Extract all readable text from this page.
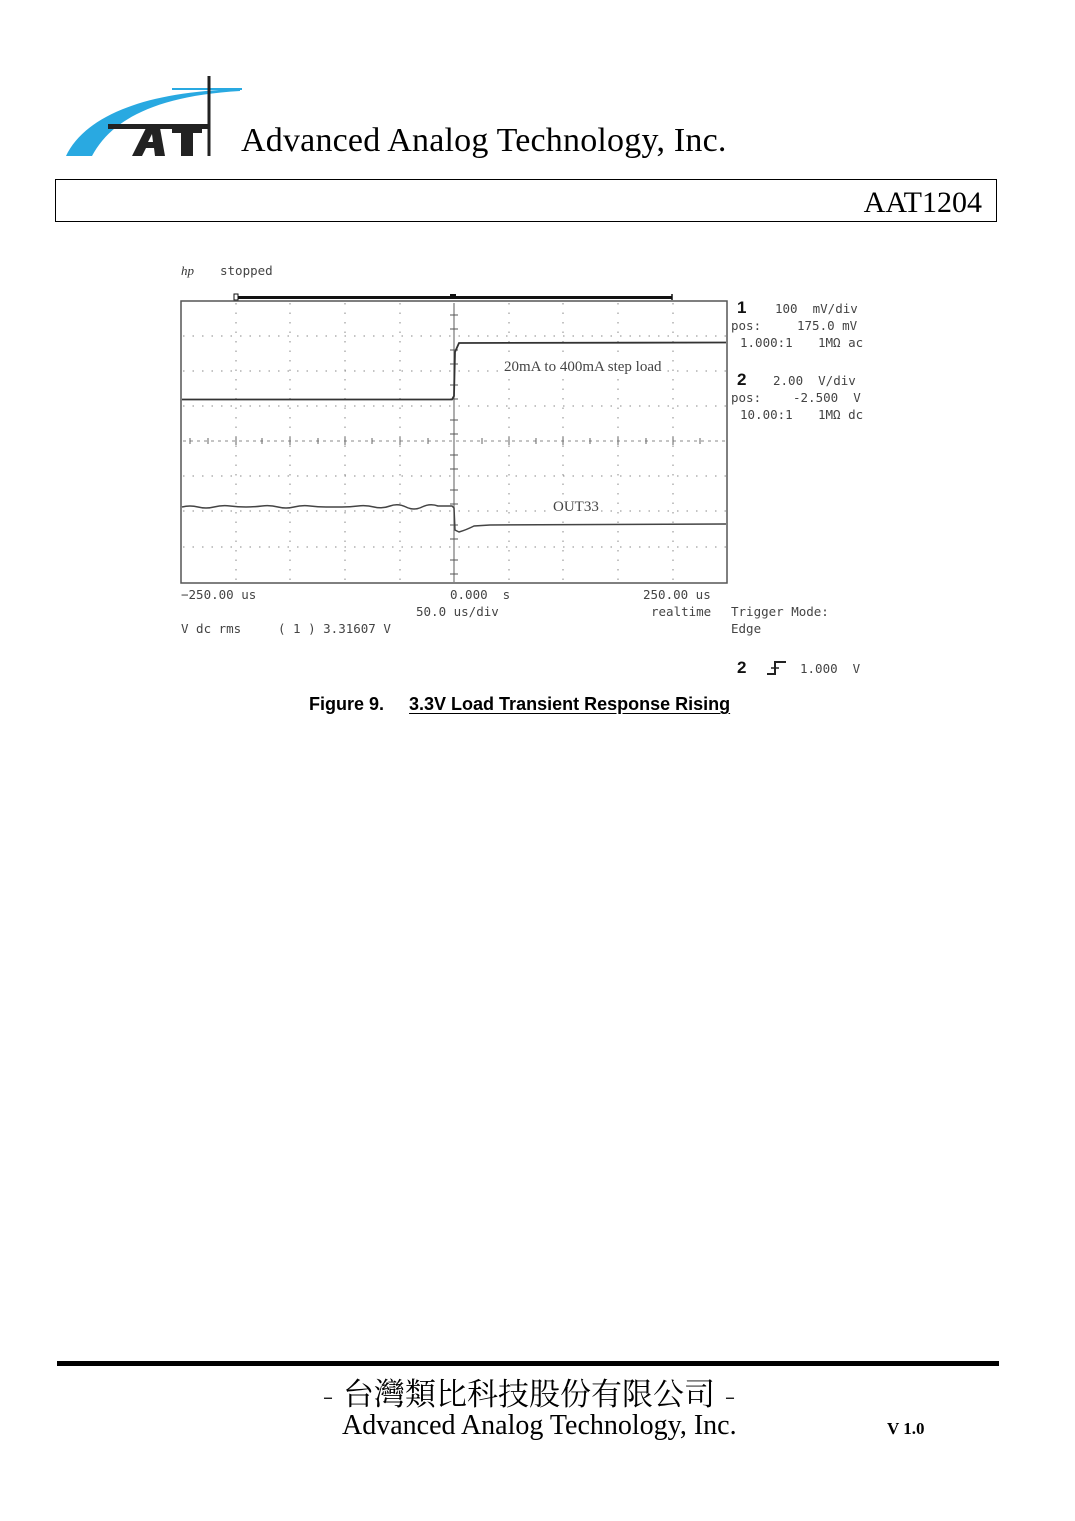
Advanced Analog Technology, Inc.
AAT1204
hp stopped
20mA to 400mA step load
OUT33
1 100  mV/div
pos:	175.0 mV
1.000:1 1MΩ ac
2 2.00  V/div
pos:	-2.500  V
10.00:1 1MΩ dc
−250.00 us	0.000  s	250.00 us
50.0 us/div	realtime Trigger Mode:
Edge
V dc rms	( 1 ) 3.31607 V
2	1.000  V
Figure 9. 3.3V Load Transient Response Rising
– 台灣類比科技股份有限公司 –
Advanced Analog Technology, Inc.	V 1.0
